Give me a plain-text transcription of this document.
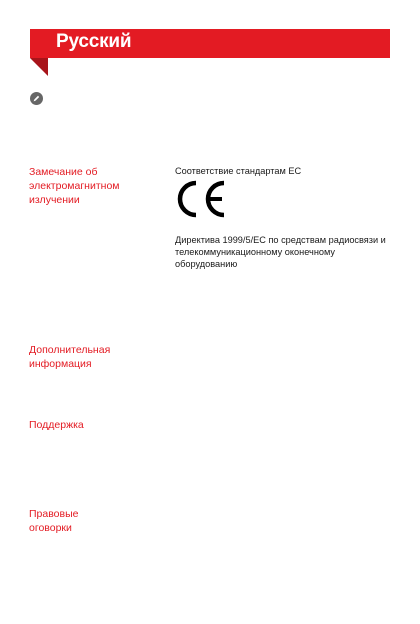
Русский
Замечание об электромагнитном излучении
Соответствие стандартам ЕС
Директива 1999/5/EC по средствам радиосвязи и телекоммуникационному оконечному оборудованию
Дополнительная информация
Поддержка
Правовые оговорки
